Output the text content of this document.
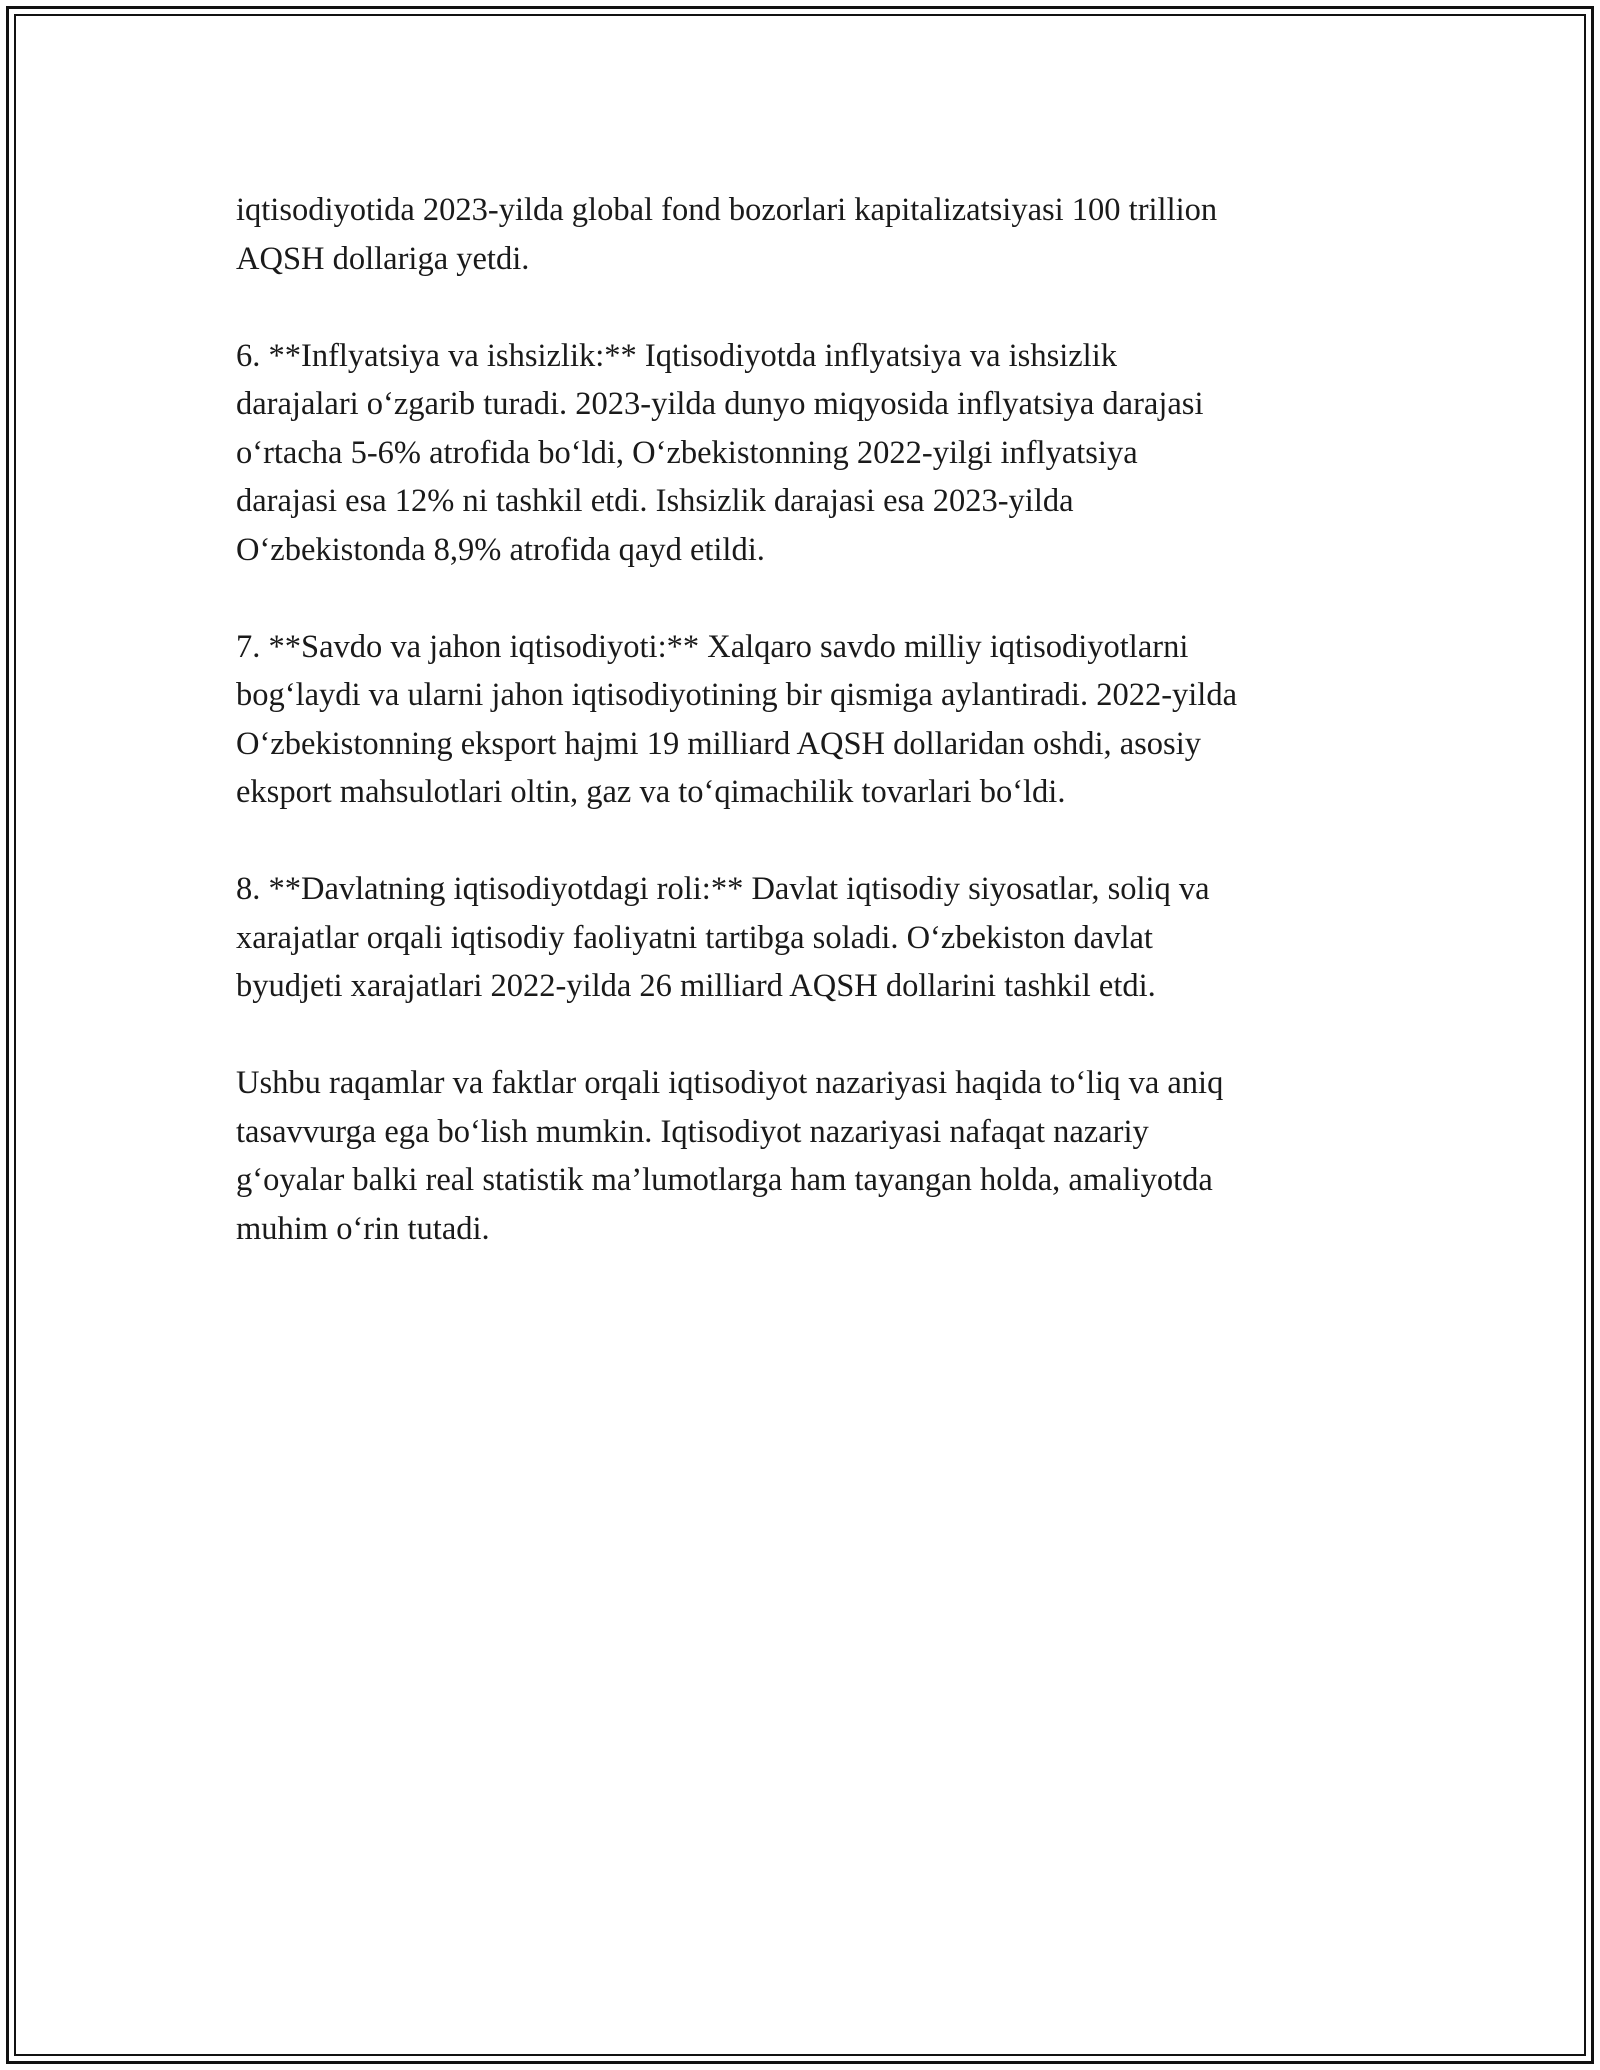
iqtisodiyotida 2023-yilda global fond bozorlari kapitalizatsiyasi 100 trillion
AQSH dollariga yetdi.

6. **Inflyatsiya va ishsizlik:** Iqtisodiyotda inflyatsiya va ishsizlik
darajalari o‘zgarib turadi. 2023-yilda dunyo miqyosida inflyatsiya darajasi
o‘rtacha 5-6% atrofida bo‘ldi, O‘zbekistonning 2022-yilgi inflyatsiya
darajasi esa 12% ni tashkil etdi. Ishsizlik darajasi esa 2023-yilda
O‘zbekistonda 8,9% atrofida qayd etildi.

7. **Savdo va jahon iqtisodiyoti:** Xalqaro savdo milliy iqtisodiyotlarni
bog‘laydi va ularni jahon iqtisodiyotining bir qismiga aylantiradi. 2022-yilda
O‘zbekistonning eksport hajmi 19 milliard AQSH dollaridan oshdi, asosiy
eksport mahsulotlari oltin, gaz va to‘qimachilik tovarlari bo‘ldi.

8. **Davlatning iqtisodiyotdagi roli:** Davlat iqtisodiy siyosatlar, soliq va
xarajatlar orqali iqtisodiy faoliyatni tartibga soladi. O‘zbekiston davlat
byudjeti xarajatlari 2022-yilda 26 milliard AQSH dollarini tashkil etdi.

Ushbu raqamlar va faktlar orqali iqtisodiyot nazariyasi haqida to‘liq va aniq
tasavvurga ega bo‘lish mumkin. Iqtisodiyot nazariyasi nafaqat nazariy
g‘oyalar balki real statistik ma’lumotlarga ham tayangan holda, amaliyotda
muhim o‘rin tutadi.
